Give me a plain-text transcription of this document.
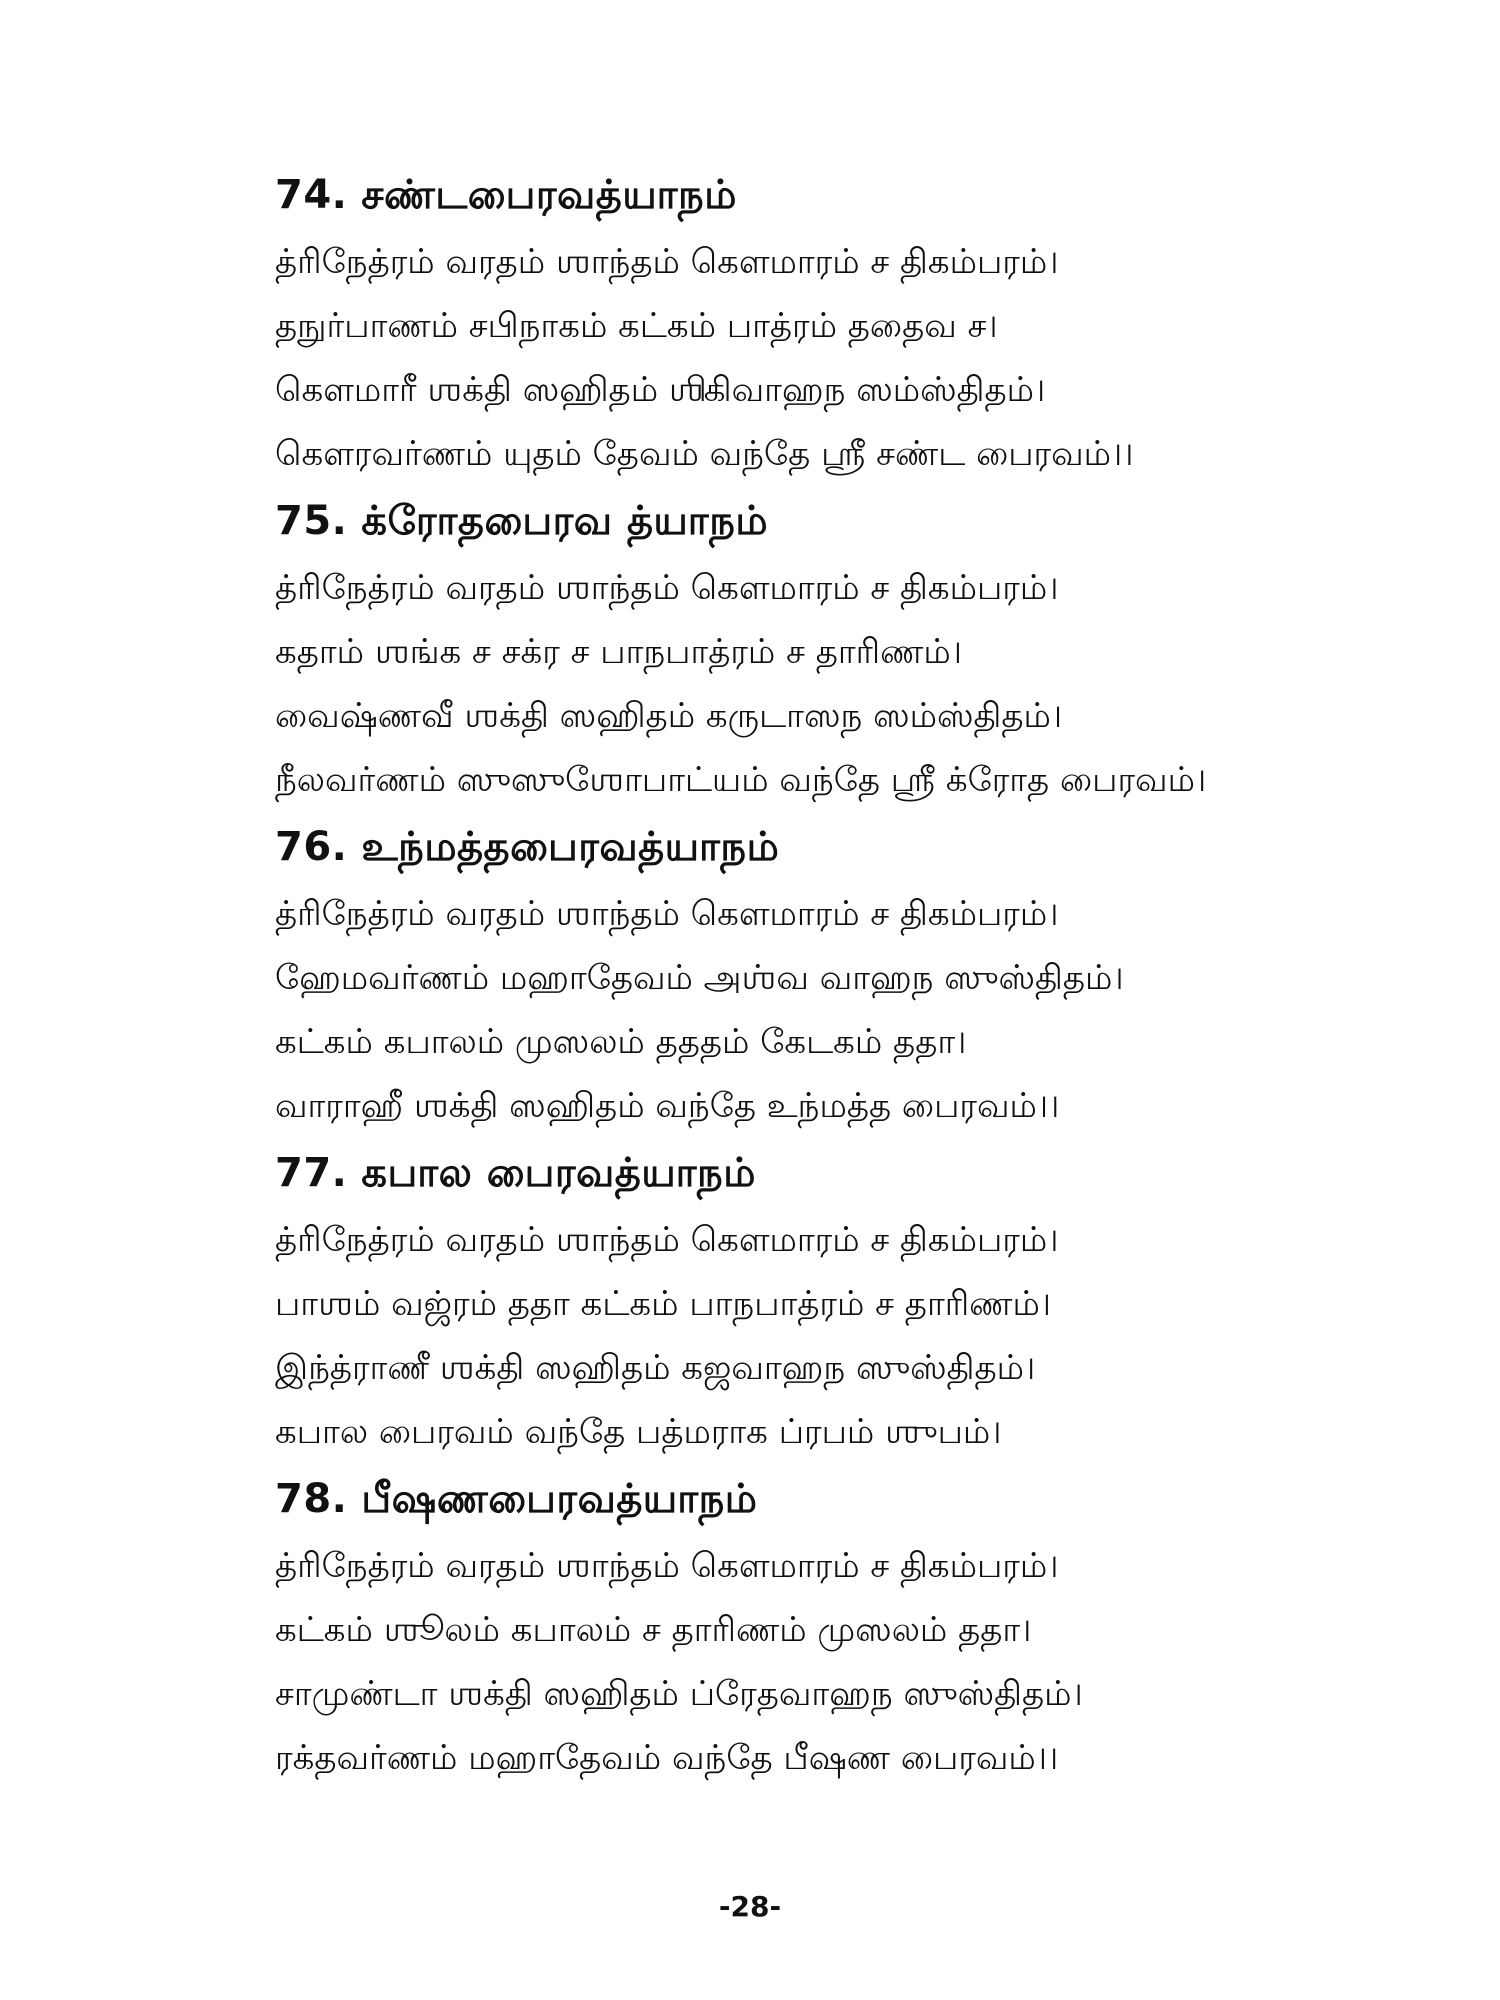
74. சண்டபைரவத்யாநம்
த்ரிநேத்ரம் வரதம் ஶாந்தம் கௌமாரம் ச திகம்பரம்।
தநுர்பாணம் சபிநாகம் கட்கம் பாத்ரம் ததைவ ச।
கௌமாரீ ஶக்தி ஸஹிதம் ஶிகிவாஹந ஸம்ஸ்திதம்।
கௌரவர்ணம் யுதம் தேவம் வந்தே ஶ்ரீ சண்ட பைரவம்।।
75. க்ரோதபைரவ த்யாநம்
த்ரிநேத்ரம் வரதம் ஶாந்தம் கௌமாரம் ச திகம்பரம்।
கதாம் ஶங்க ச சக்ர ச பாநபாத்ரம் ச தாரிணம்।
வைஷ்ணவீ ஶக்தி ஸஹிதம் கருடாஸந ஸம்ஸ்திதம்।
நீலவர்ணம் ஸுஸுஶோபாட்யம் வந்தே ஶ்ரீ க்ரோத பைரவம்।
76. உந்மத்தபைரவத்யாநம்
த்ரிநேத்ரம் வரதம் ஶாந்தம் கௌமாரம் ச திகம்பரம்।
ஹேமவர்ணம் மஹாதேவம் அஶ்வ வாஹந ஸுஸ்திதம்।
கட்கம் கபாலம் முஸலம் தததம் கேடகம் ததா।
வாராஹீ ஶக்தி ஸஹிதம் வந்தே உந்மத்த பைரவம்।।
77. கபால பைரவத்யாநம்
த்ரிநேத்ரம் வரதம் ஶாந்தம் கௌமாரம் ச திகம்பரம்।
பாஶம் வஜ்ரம் ததா கட்கம் பாநபாத்ரம் ச தாரிணம்।
இந்த்ராணீ ஶக்தி ஸஹிதம் கஜவாஹந ஸுஸ்திதம்।
கபால பைரவம் வந்தே பத்மராக ப்ரபம் ஶுபம்।
78. பீஷணபைரவத்யாநம்
த்ரிநேத்ரம் வரதம் ஶாந்தம் கௌமாரம் ச திகம்பரம்।
கட்கம் ஶூலம் கபாலம் ச தாரிணம் முஸலம் ததா।
சாமுண்டா ஶக்தி ஸஹிதம் ப்ரேதவாஹந ஸுஸ்திதம்।
ரக்தவர்ணம் மஹாதேவம் வந்தே பீஷண பைரவம்।।
-28-
